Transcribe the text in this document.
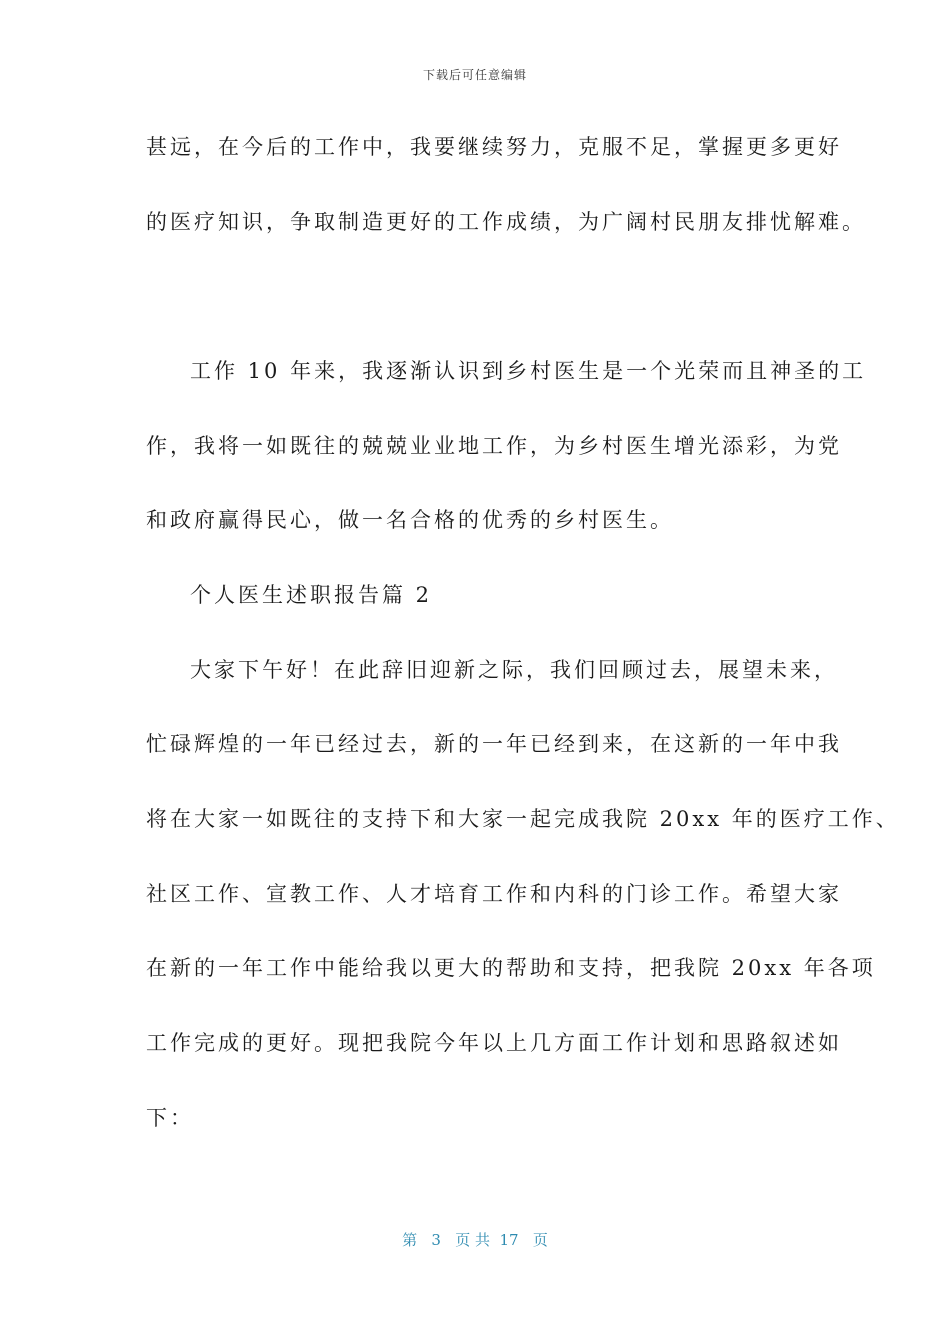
下载后可任意编辑
甚远，在今后的工作中，我要继续努力，克服不足，掌握更多更好
的医疗知识，争取制造更好的工作成绩，为广阔村民朋友排忧解难。
工作 10 年来，我逐渐认识到乡村医生是一个光荣而且神圣的工
作，我将一如既往的兢兢业业地工作，为乡村医生增光添彩，为党
和政府赢得民心，做一名合格的优秀的乡村医生。
个人医生述职报告篇 2
大家下午好！在此辞旧迎新之际，我们回顾过去，展望未来，
忙碌辉煌的一年已经过去，新的一年已经到来，在这新的一年中我
将在大家一如既往的支持下和大家一起完成我院 20xx 年的医疗工作、
社区工作、宣教工作、人才培育工作和内科的门诊工作。希望大家
在新的一年工作中能给我以更大的帮助和支持，把我院 20xx 年各项
工作完成的更好。现把我院今年以上几方面工作计划和思路叙述如
下：
第   3   页 共  17   页
